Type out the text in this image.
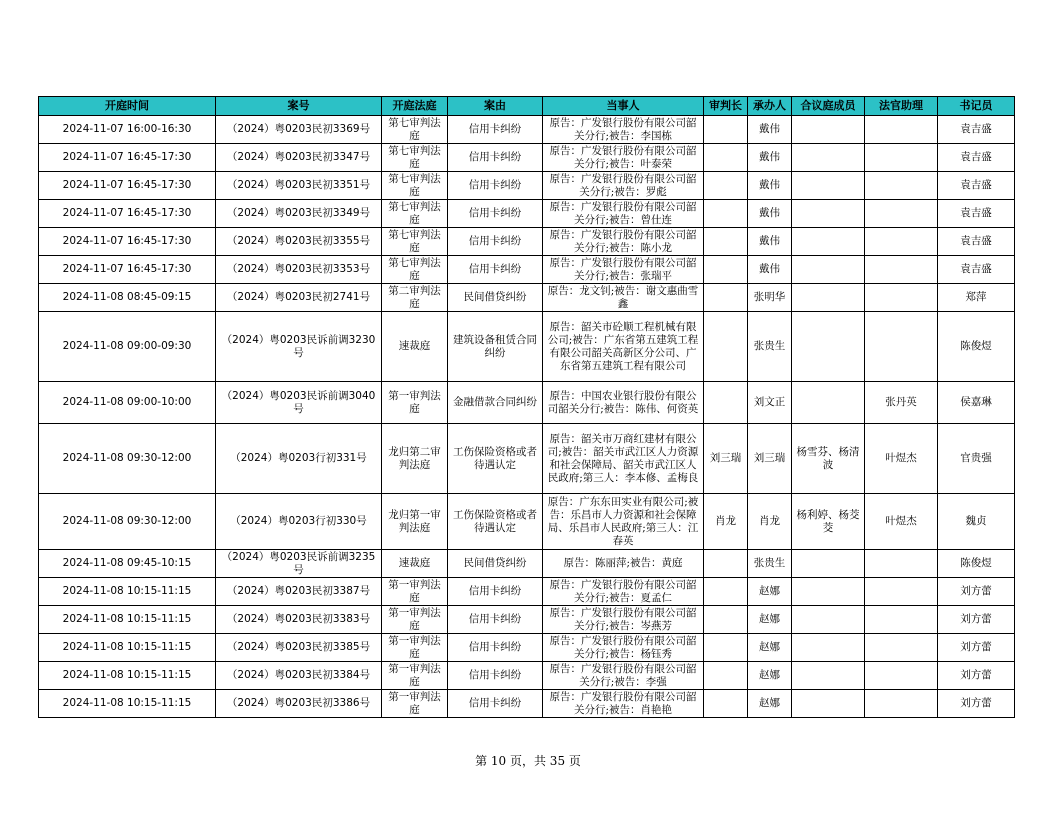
开庭时间	案号	开庭法庭	案由	当事人	审判长	承办人	合议庭成员	法官助理	书记员

2024-11-07 16:00-16:30	（2024）粤0203民初3369号	第七审判法庭	信用卡纠纷	原告：广发银行股份有限公司韶关分行;被告：李国栋		戴伟			袁吉盛

2024-11-07 16:45-17:30	（2024）粤0203民初3347号	第七审判法庭	信用卡纠纷	原告：广发银行股份有限公司韶关分行;被告：叶泰荣		戴伟			袁吉盛

2024-11-07 16:45-17:30	（2024）粤0203民初3351号	第七审判法庭	信用卡纠纷	原告：广发银行股份有限公司韶关分行;被告：罗彪		戴伟			袁吉盛

2024-11-07 16:45-17:30	（2024）粤0203民初3349号	第七审判法庭	信用卡纠纷	原告：广发银行股份有限公司韶关分行;被告：曾仕连		戴伟			袁吉盛

2024-11-07 16:45-17:30	（2024）粤0203民初3355号	第七审判法庭	信用卡纠纷	原告：广发银行股份有限公司韶关分行;被告：陈小龙		戴伟			袁吉盛

2024-11-07 16:45-17:30	（2024）粤0203民初3353号	第七审判法庭	信用卡纠纷	原告：广发银行股份有限公司韶关分行;被告：张瑞平		戴伟			袁吉盛

2024-11-08 08:45-09:15	（2024）粤0203民初2741号	第二审判法庭	民间借贷纠纷	原告：龙文钊;被告：谢文惠曲雪鑫		张明华			郑萍

2024-11-08 09:00-09:30	（2024）粤0203民诉前调3230号	速裁庭	建筑设备租赁合同纠纷	原告：韶关市砼顺工程机械有限公司;被告：广东省第五建筑工程有限公司韶关高新区分公司、广东省第五建筑工程有限公司		张贵生			陈俊煜

2024-11-08 09:00-10:00	（2024）粤0203民诉前调3040号	第一审判法庭	金融借款合同纠纷	原告：中国农业银行股份有限公司韶关分行;被告：陈伟、何资英		刘文正		张丹英	侯嘉琳

2024-11-08 09:30-12:00	（2024）粤0203行初331号	龙归第二审判法庭	工伤保险资格或者待遇认定	原告：韶关市万商红建材有限公司;被告：韶关市武江区人力资源和社会保障局、韶关市武江区人民政府;第三人：李本修、孟梅良	刘三瑞	刘三瑞	杨雪芬、杨清波	叶煜杰	官贵强

2024-11-08 09:30-12:00	（2024）粤0203行初330号	龙归第一审判法庭	工伤保险资格或者待遇认定	原告：广东东田实业有限公司;被告：乐昌市人力资源和社会保障局、乐昌市人民政府;第三人：江春英	肖龙	肖龙	杨利婷、杨茭茭	叶煜杰	魏贞

2024-11-08 09:45-10:15	（2024）粤0203民诉前调3235号	速裁庭	民间借贷纠纷	原告：陈丽萍;被告：黄庭		张贵生			陈俊煜

2024-11-08 10:15-11:15	（2024）粤0203民初3387号	第一审判法庭	信用卡纠纷	原告：广发银行股份有限公司韶关分行;被告：夏孟仁		赵娜			刘方蕾

2024-11-08 10:15-11:15	（2024）粤0203民初3383号	第一审判法庭	信用卡纠纷	原告：广发银行股份有限公司韶关分行;被告：岑燕芳		赵娜			刘方蕾

2024-11-08 10:15-11:15	（2024）粤0203民初3385号	第一审判法庭	信用卡纠纷	原告：广发银行股份有限公司韶关分行;被告：杨钰秀		赵娜			刘方蕾

2024-11-08 10:15-11:15	（2024）粤0203民初3384号	第一审判法庭	信用卡纠纷	原告：广发银行股份有限公司韶关分行;被告：李强		赵娜			刘方蕾

2024-11-08 10:15-11:15	（2024）粤0203民初3386号	第一审判法庭	信用卡纠纷	原告：广发银行股份有限公司韶关分行;被告：肖艳艳		赵娜			刘方蕾
第 10 页，共 35 页
